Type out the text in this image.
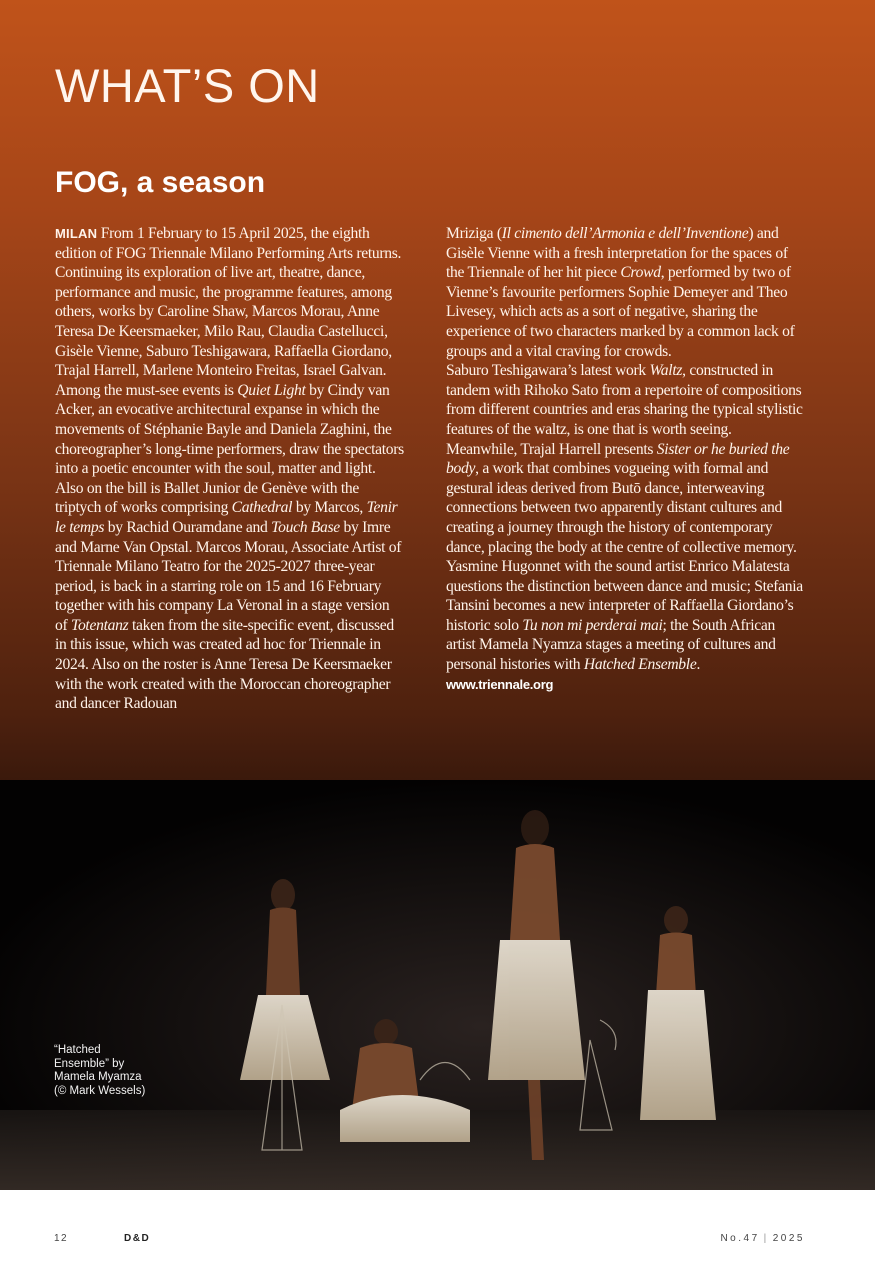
WHAT’S ON
FOG, a season

MILAN From 1 February to 15 April 2025, the eighth edition of FOG Triennale Milano Performing Arts returns. Continuing its exploration of live art, theatre, dance, performance and music, the programme features, among others, works by Caroline Shaw, Marcos Morau, Anne Teresa De Keersmaeker, Milo Rau, Claudia Castellucci, Gisèle Vienne, Saburo Teshigawara, Raffaella Giordano, Trajal Harrell, Marlene Monteiro Freitas, Israel Galvan. Among the must-see events is Quiet Light by Cindy van Acker, an evocative architectural expanse in which the movements of Stéphanie Bayle and Daniela Zaghini, the choreographer’s long-time performers, draw the spectators into a poetic encounter with the soul, matter and light. Also on the bill is Ballet Junior de Genève with the triptych of works comprising Cathedral by Marcos, Tenir le temps by Rachid Ouramdane and Touch Base by Imre and Marne Van Opstal. Marcos Morau, Associate Artist of Triennale Milano Teatro for the 2025-2027 three-year period, is back in a starring role on 15 and 16 February together with his company La Veronal in a stage version of Totentanz taken from the site-specific event, discussed in this issue, which was created ad hoc for Triennale in 2024. Also on the roster is Anne Teresa De Keersmaeker with the work created with the Moroccan choreographer and dancer Radouan

Mriziga (Il cimento dell’Armonia e dell’Inventione) and Gisèle Vienne with a fresh interpretation for the spaces of the Triennale of her hit piece Crowd, performed by two of Vienne’s favourite performers Sophie Demeyer and Theo Livesey, which acts as a sort of negative, sharing the experience of two characters marked by a common lack of groups and a vital craving for crowds.
Saburo Teshigawara’s latest work Waltz, constructed in tandem with Rihoko Sato from a repertoire of compositions from different countries and eras sharing the typical stylistic features of the waltz, is one that is worth seeing. Meanwhile, Trajal Harrell presents Sister or he buried the body, a work that combines vogueing with formal and gestural ideas derived from Butō dance, interweaving connections between two apparently distant cultures and creating a journey through the history of contemporary dance, placing the body at the centre of collective memory. Yasmine Hugonnet with the sound artist Enrico Malatesta questions the distinction between dance and music; Stefania Tansini becomes a new interpreter of Raffaella Giordano’s historic solo Tu non mi perderai mai; the South African artist Mamela Nyamza stages a meeting of cultures and personal histories with Hatched Ensemble. www.triennale.org

“Hatched
Ensemble” by
Mamela Myamza
(© Mark Wessels)
12	D&D	No.47 | 2025
